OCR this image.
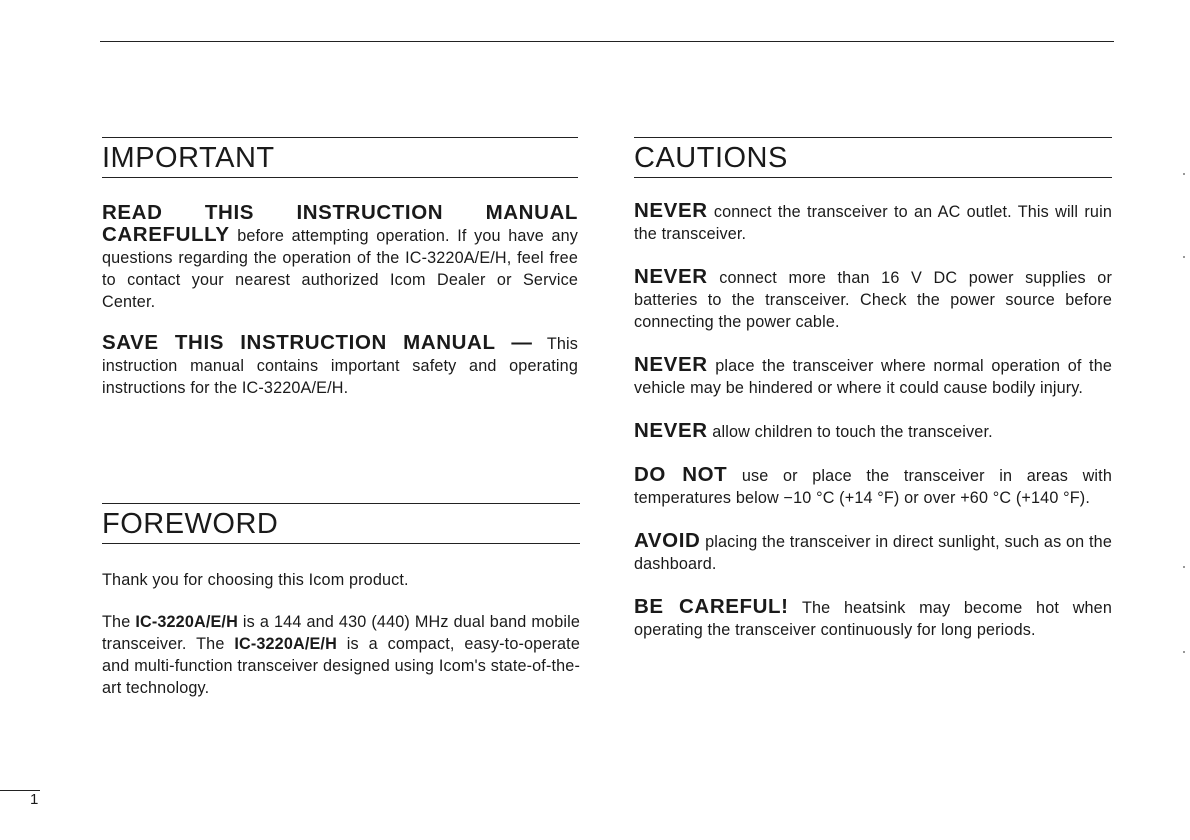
IMPORTANT

READ THIS INSTRUCTION MANUAL
CAREFULLY before attempting operation. If you have any questions regarding the operation of the IC-3220A/E/H, feel free to contact your nearest authorized Icom Dealer or Service Center.

SAVE THIS INSTRUCTION MANUAL — This instruction manual contains important safety and operating instructions for the IC-3220A/E/H.

FOREWORD

Thank you for choosing this Icom product.

The IC-3220A/E/H is a 144 and 430 (440) MHz dual band mobile transceiver. The IC-3220A/E/H is a compact, easy-to-operate and multi-function transceiver designed using Icom's state-of-the-art technology.

CAUTIONS

NEVER connect the transceiver to an AC outlet. This will ruin the transceiver.

NEVER connect more than 16 V DC power supplies or batteries to the transceiver. Check the power source before connecting the power cable.

NEVER place the transceiver where normal operation of the vehicle may be hindered or where it could cause bodily injury.

NEVER allow children to touch the transceiver.

DO NOT use or place the transceiver in areas with temperatures below −10 °C (+14 °F) or over +60 °C (+140 °F).

AVOID placing the transceiver in direct sunlight, such as on the dashboard.

BE CAREFUL! The heatsink may become hot when operating the transceiver continuously for long periods.

1
